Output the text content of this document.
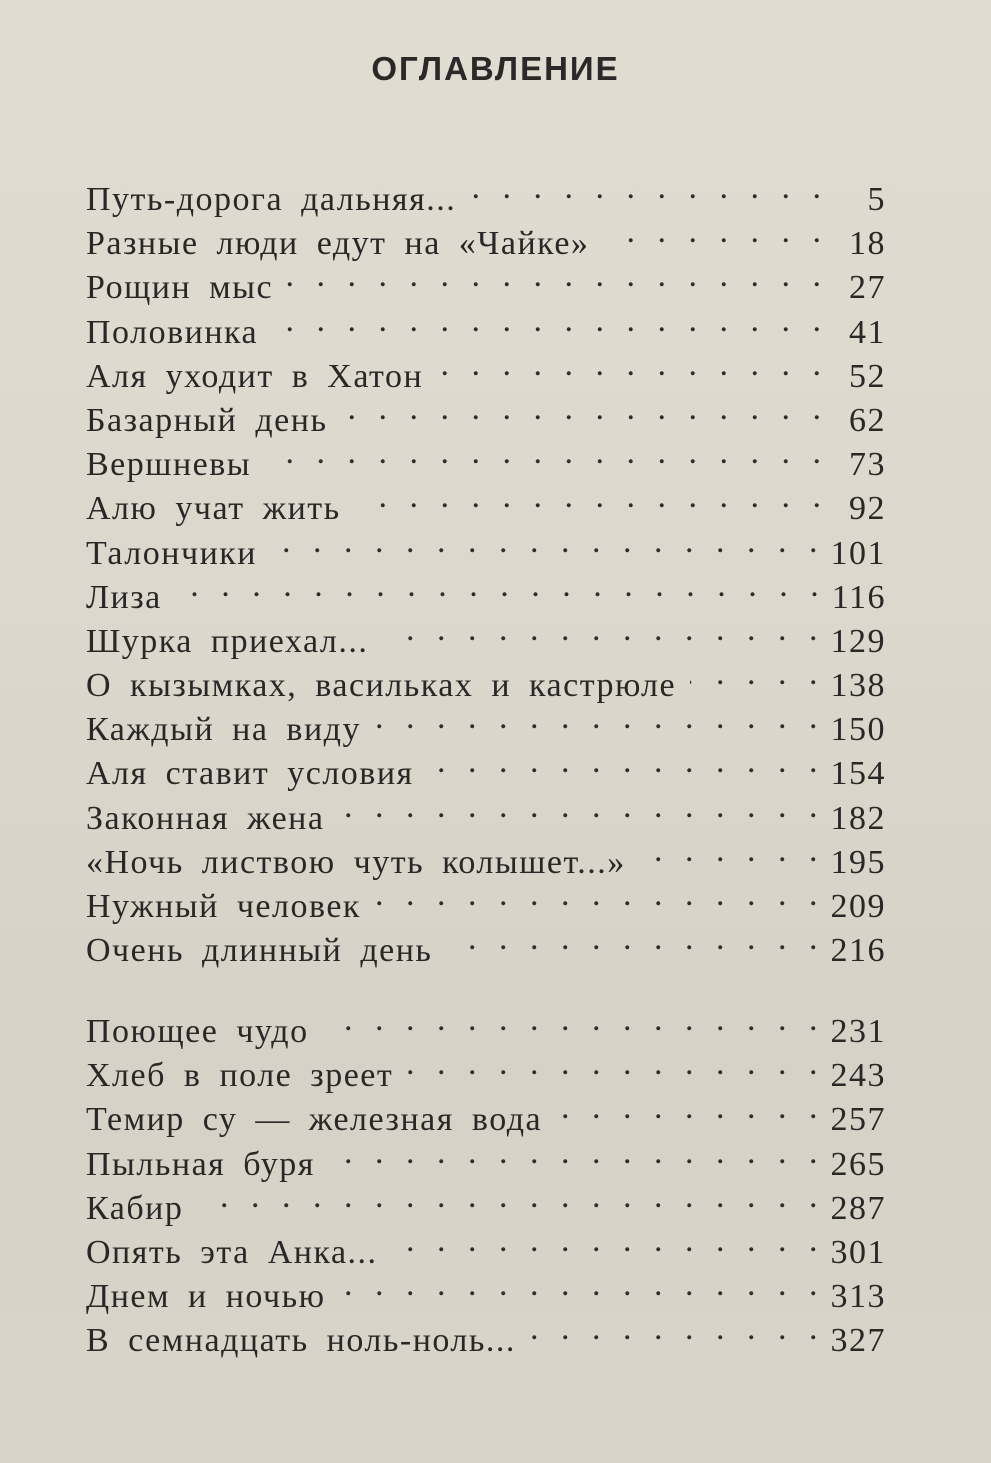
ОГЛАВЛЕНИЕ
Путь-дорога дальняя... . . .	5
Разные люди едут на «Чайке» . . .	18
Рощин мыс . . .	27
Половинка . . .	41
Аля уходит в Хатон . . .	52
Базарный день . . .	62
Вершневы . . .	73
Алю учат жить . . .	92
Талончики . . .	101
Лиза . . .	116
Шурка приехал... . . .	129
О кызымках, васильках и кастрюле . . .	138
Каждый на виду . . .	150
Аля ставит условия . . .	154
Законная жена . . .	182
«Ночь листвою чуть колышет...» . . .	195
Нужный человек . . .	209
Очень длинный день . . .	216
Поющее чудо . . .	231
Хлеб в поле зреет . . .	243
Темир су — железная вода . . .	257
Пыльная буря . . .	265
Кабир . . .	287
Опять эта Анка... . . .	301
Днем и ночью . . .	313
В семнадцать ноль-ноль... . . .	327
